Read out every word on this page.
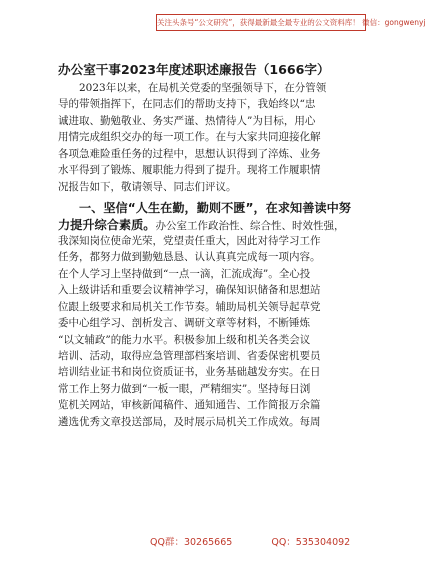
关注头条号“公文研究”，获得最新最全最专业的公文资料库！ 微信：gongwenyj
办公室干事2023年度述职述廉报告（1666字）
2023年以来，在局机关党委的坚强领导下，在分管领
导的带领指挥下，在同志们的帮助支持下，我始终以“忠
诚进取、勤勉敬业、务实严谨、热情待人”为目标，用心
用情完成组织交办的每一项工作。在与大家共同迎接化解
各项急难险重任务的过程中，思想认识得到了淬炼、业务
水平得到了锻炼、履职能力得到了提升。现将工作履职情
况报告如下，敬请领导、同志们评议。
一、坚信“人生在勤，勤则不匮”，在求知善读中努
力提升综合素质。办公室工作政治性、综合性、时效性强，
我深知岗位使命光荣，党望责任重大，因此对待学习工作
任务，都努力做到勤勉恳恳、认认真真完成每一项内容。
在个人学习上坚持做到“一点一滴，汇流成海”。全心投
入上级讲话和重要会议精神学习，确保知识储备和思想站
位跟上级要求和局机关工作节奏。辅助局机关领导起草党
委中心组学习、剖析发言、调研文章等材料，不断锤炼
“以文辅政”的能力水平。积极参加上级和机关各类会议
培训、活动，取得应急管理部档案培训、省委保密机要员
培训结业证书和岗位资质证书，业务基础越发夯实。在日
常工作上努力做到“一板一眼，严精细实”。坚持每日浏
览机关网站，审核新闻稿件、通知通告、工作简报万余篇
遴选优秀文章投送部局，及时展示局机关工作成效。每周
QQ群：30265665	QQ：535304092
